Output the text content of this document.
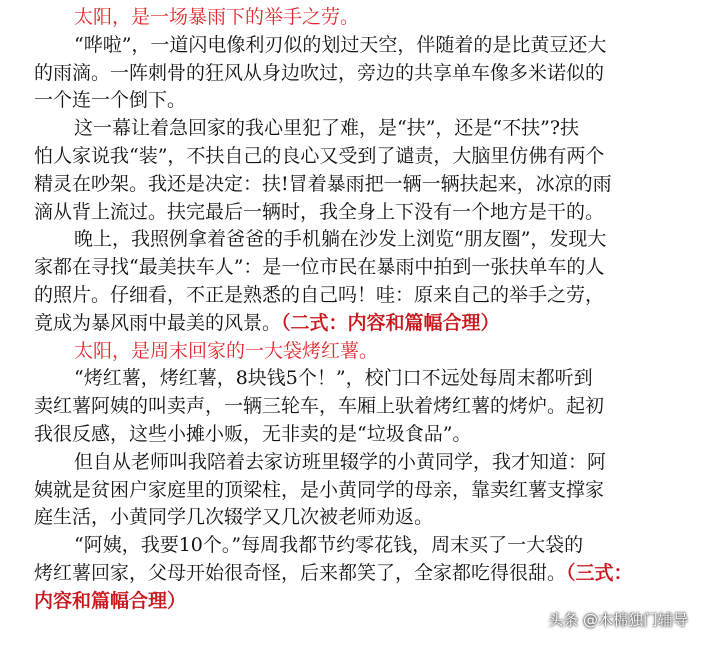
太阳，是一场暴雨下的举手之劳。
“哗啦”，一道闪电像利刃似的划过天空，伴随着的是比黄豆还大
的雨滴。一阵刺骨的狂风从身边吹过，旁边的共享单车像多米诺似的
一个连一个倒下。
这一幕让着急回家的我心里犯了难，是“扶”，还是“不扶”?扶
怕人家说我“装”，不扶自己的良心又受到了谴责，大脑里仿佛有两个
精灵在吵架。我还是决定：扶!冒着暴雨把一辆一辆扶起来，冰凉的雨
滴从背上流过。扶完最后一辆时，我全身上下没有一个地方是干的。
晚上，我照例拿着爸爸的手机躺在沙发上浏览“朋友圈”，发现大
家都在寻找“最美扶车人”：是一位市民在暴雨中拍到一张扶单车的人
的照片。仔细看，不正是熟悉的自己吗！哇：原来自己的举手之劳，
竟成为暴风雨中最美的风景。（二式：内容和篇幅合理）
太阳，是周末回家的一大袋烤红薯。
“烤红薯，烤红薯，8块钱5个！”，校门口不远处每周末都听到
卖红薯阿姨的叫卖声，一辆三轮车，车厢上驮着烤红薯的烤炉。起初
我很反感，这些小摊小贩，无非卖的是“垃圾食品”。
但自从老师叫我陪着去家访班里辍学的小黄同学，我才知道：阿
姨就是贫困户家庭里的顶梁柱，是小黄同学的母亲，靠卖红薯支撑家
庭生活，小黄同学几次辍学又几次被老师劝返。
“阿姨，我要10个。”每周我都节约零花钱，周末买了一大袋的
烤红薯回家，父母开始很奇怪，后来都笑了，全家都吃得很甜。（三式：
内容和篇幅合理）
头条 @木棉独门辅导
